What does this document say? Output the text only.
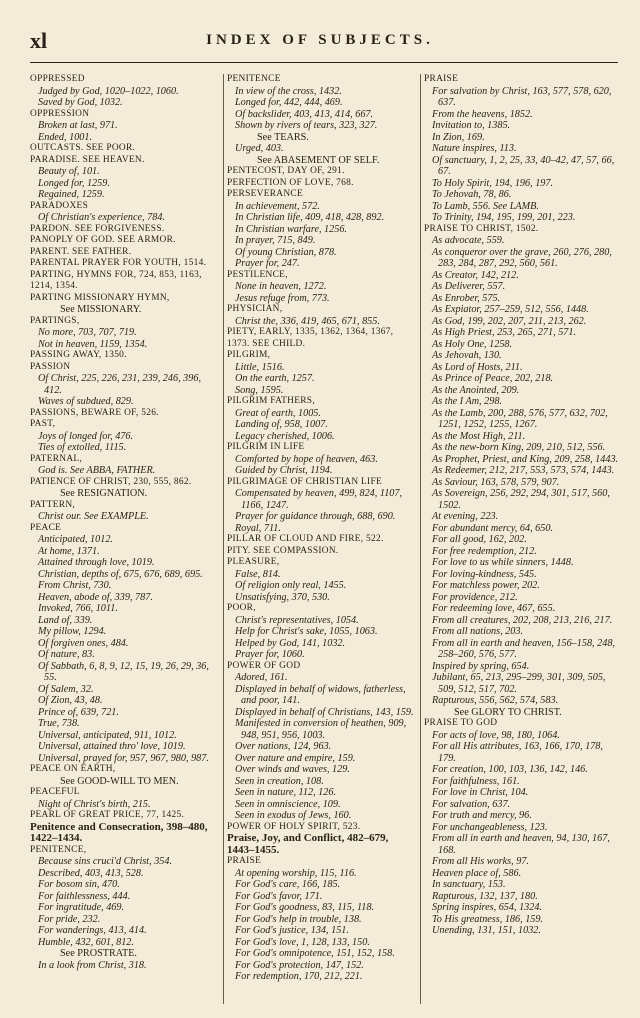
xl	INDEX OF SUBJECTS.
OPPRESSED
Judged by God, 1020–1022, 1060.
Saved by God, 1032.
OPPRESSION
Broken at last, 971.
Ended, 1001.
OUTCASTS. SEE POOR.
PARADISE. SEE HEAVEN.
Beauty of, 101.
Longed for, 1259.
Regained, 1259.
PARADOXES
Of Christian's experience, 784.
PARDON. SEE FORGIVENESS.
PANOPLY OF GOD. SEE ARMOR.
PARENT. SEE FATHER.
PARENTAL PRAYER FOR YOUTH, 1514.
PARTING, HYMNS FOR, 724, 853, 1163, 1214, 1354.
PARTING MISSIONARY HYMN,
See MISSIONARY.
PARTINGS,
No more, 703, 707, 719.
Not in heaven, 1159, 1354.
PASSING AWAY, 1350.
PASSION
Of Christ, 225, 226, 231, 239, 246, 396, 412.
Waves of subdued, 829.
PASSIONS, BEWARE OF, 526.
PAST,
Joys of longed for, 476.
Ties of extolled, 1115.
PATERNAL,
God is. See ABBA, FATHER.
PATIENCE OF CHRIST, 230, 555, 862.
See RESIGNATION.
PATTERN,
Christ our. See EXAMPLE.
PEACE
Anticipated, 1012.
At home, 1371.
Attained through love, 1019.
Christian, depths of, 675, 676, 689, 695.
From Christ, 730.
Heaven, abode of, 339, 787.
Invoked, 766, 1011.
Land of, 339.
My pillow, 1294.
Of forgiven ones, 484.
Of nature, 83.
Of Sabbath, 6, 8, 9, 12, 15, 19, 26, 29, 36, 55.
Of Salem, 32.
Of Zion, 43, 48.
Prince of, 639, 721.
True, 738.
Universal, anticipated, 911, 1012.
Universal, attained thro' love, 1019.
Universal, prayed for, 957, 967, 980, 987.
PEACE ON EARTH,
See GOOD-WILL TO MEN.
PEACEFUL
Night of Christ's birth, 215.
PEARL OF GREAT PRICE, 77, 1425.
Penitence and Consecration, 398–480, 1422–1434.
PENITENCE,
Because sins cruci'd Christ, 354.
Described, 403, 413, 528.
For bosom sin, 470.
For faithlessness, 444.
For ingratitude, 469.
For pride, 232.
For wanderings, 413, 414.
Humble, 432, 601, 812.
See PROSTRATE.
In a look from Christ, 318.
PENITENCE
In view of the cross, 1432.
Longed for, 442, 444, 469.
Of backslider, 403, 413, 414, 667.
Shown by rivers of tears, 323, 327.
See TEARS.
Urged, 403.
See ABASEMENT OF SELF.
PENTECOST, DAY OF, 291.
PERFECTION OF LOVE, 768.
PERSEVERANCE
In achievement, 572.
In Christian life, 409, 418, 428, 892.
In Christian warfare, 1256.
In prayer, 715, 849.
Of young Christian, 878.
Prayer for, 247.
PESTILENCE,
None in heaven, 1272.
Jesus refuge from, 773.
PHYSICIAN,
Christ the, 336, 419, 465, 671, 855.
PIETY, EARLY, 1335, 1362, 1364, 1367, 1373. SEE CHILD.
PILGRIM,
Little, 1516.
On the earth, 1257.
Song, 1595.
PILGRIM FATHERS,
Great of earth, 1005.
Landing of, 958, 1007.
Legacy cherished, 1006.
PILGRIM IN LIFE
Comforted by hope of heaven, 463.
Guided by Christ, 1194.
PILGRIMAGE OF CHRISTIAN LIFE
Compensated by heaven, 499, 824, 1107, 1166, 1247.
Prayer for guidance through, 688, 690.
Royal, 711.
PILLAR OF CLOUD AND FIRE, 522.
PITY. SEE COMPASSION.
PLEASURE,
False, 814.
Of religion only real, 1455.
Unsatisfying, 370, 530.
POOR,
Christ's representatives, 1054.
Help for Christ's sake, 1055, 1063.
Helped by God, 141, 1032.
Prayer for, 1060.
POWER OF GOD
Adored, 161.
Displayed in behalf of widows, fatherless, and poor, 141.
Displayed in behalf of Christians, 143, 159.
Manifested in conversion of heathen, 909, 948, 951, 956, 1003.
Over nations, 124, 963.
Over nature and empire, 159.
Over winds and waves, 129.
Seen in creation, 108.
Seen in nature, 112, 126.
Seen in omniscience, 109.
Seen in exodus of Jews, 160.
POWER OF HOLY SPIRIT, 523.
Praise, Joy, and Conflict, 482–679, 1443–1455.
PRAISE
At opening worship, 115, 116.
For God's care, 166, 185.
For God's favor, 171.
For God's goodness, 83, 115, 118.
For God's help in trouble, 138.
For God's justice, 134, 151.
For God's love, 1, 128, 133, 150.
For God's omnipotence, 151, 152, 158.
For God's protection, 147, 152.
For redemption, 170, 212, 221.
PRAISE
For salvation by Christ, 163, 577, 578, 620, 637.
From the heavens, 1852.
Invitation to, 1385.
In Zion, 169.
Nature inspires, 113.
Of sanctuary, 1, 2, 25, 33, 40–42, 47, 57, 66, 67.
To Holy Spirit, 194, 196, 197.
To Jehovah, 78, 86.
To Lamb, 556. See LAMB.
To Trinity, 194, 195, 199, 201, 223.
PRAISE TO CHRIST, 1502.
As advocate, 559.
As conqueror over the grave, 260, 276, 280, 283, 284, 287, 292, 560, 561.
As Creator, 142, 212.
As Deliverer, 557.
As Enrober, 575.
As Expiator, 257–259, 512, 556, 1448.
As God, 199, 202, 207, 211, 213, 262.
As High Priest, 253, 265, 271, 571.
As Holy One, 1258.
As Jehovah, 130.
As Lord of Hosts, 211.
As Prince of Peace, 202, 218.
As the Anointed, 209.
As the I Am, 298.
As the Lamb, 200, 288, 576, 577, 632, 702, 1251, 1252, 1255, 1267.
As the Most High, 211.
As the new-born King, 209, 210, 512, 556.
As Prophet, Priest, and King, 209, 258, 1443.
As Redeemer, 212, 217, 553, 573, 574, 1443.
As Saviour, 163, 578, 579, 907.
As Sovereign, 256, 292, 294, 301, 517, 560, 1502.
At evening, 223.
For abundant mercy, 64, 650.
For all good, 162, 202.
For free redemption, 212.
For love to us while sinners, 1448.
For loving-kindness, 545.
For matchless power, 202.
For providence, 212.
For redeeming love, 467, 655.
From all creatures, 202, 208, 213, 216, 217.
From all nations, 203.
From all in earth and heaven, 156–158, 248, 258–260, 576, 577.
Inspired by spring, 654.
Jubilant, 65, 213, 295–299, 301, 309, 505, 509, 512, 517, 702.
Rapturous, 556, 562, 574, 583.
See GLORY TO CHRIST.
PRAISE TO GOD
For acts of love, 98, 180, 1064.
For all His attributes, 163, 166, 170, 178, 179.
For creation, 100, 103, 136, 142, 146.
For faithfulness, 161.
For love in Christ, 104.
For salvation, 637.
For truth and mercy, 96.
For unchangeableness, 123.
From all in earth and heaven, 94, 130, 167, 168.
From all His works, 97.
Heaven place of, 586.
In sanctuary, 153.
Rapturous, 132, 137, 180.
Spring inspires, 654, 1324.
To His greatness, 186, 159.
Unending, 131, 151, 1032.
